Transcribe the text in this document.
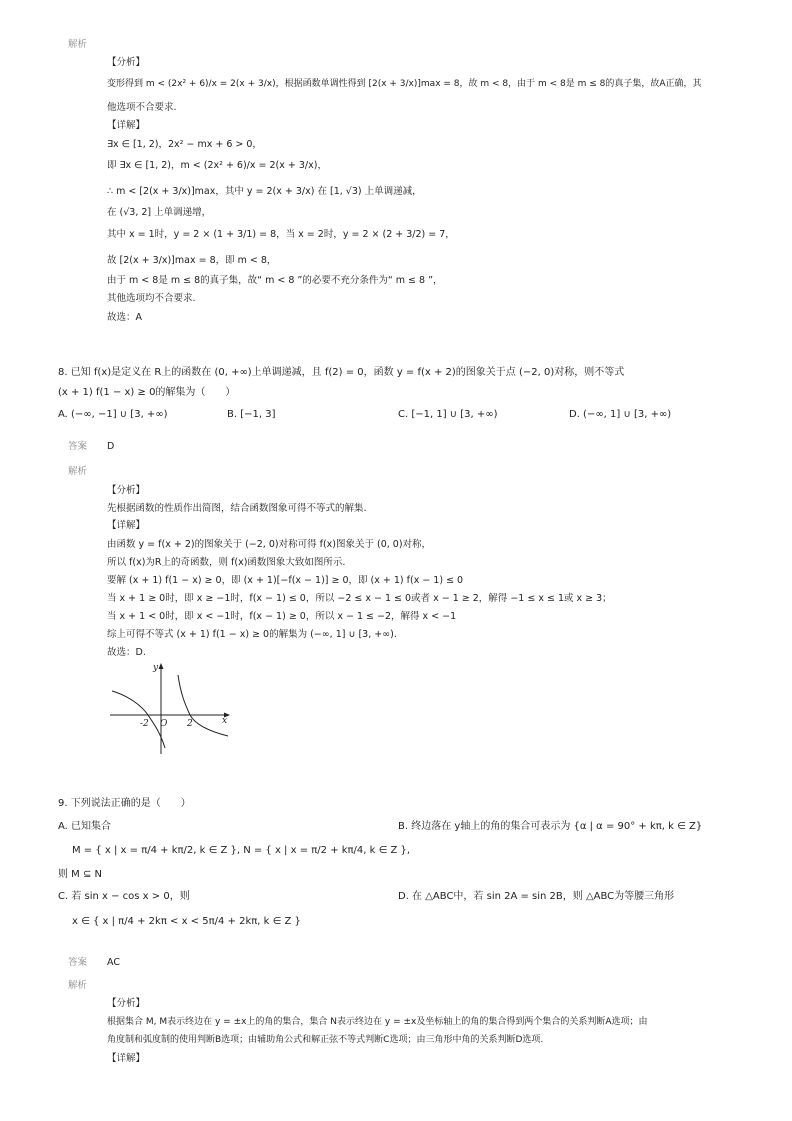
解析
【分析】
变形得到 m < (2x² + 6)/x = 2(x + 3/x)，根据函数单调性得到 [2(x + 3/x)]max = 8，故 m < 8，由于 m < 8是 m ≤ 8的真子集，故A正确，其
他选项不合要求.
【详解】
∃x ∈ [1, 2)，2x² − mx + 6 > 0，
即 ∃x ∈ [1, 2)，m < (2x² + 6)/x = 2(x + 3/x)，
∴ m < [2(x + 3/x)]max，其中 y = 2(x + 3/x) 在 [1, √3) 上单调递减，
在 (√3, 2] 上单调递增，
其中 x = 1时，y = 2 × (1 + 3/1) = 8，当 x = 2时，y = 2 × (2 + 3/2) = 7，
故 [2(x + 3/x)]max = 8，即 m < 8，
由于 m < 8是 m ≤ 8的真子集，故“ m < 8 ”的必要不充分条件为“ m ≤ 8 ”，
其他选项均不合要求.
故选：A
8. 已知 f(x)是定义在 R上的函数在 (0, +∞)上单调递减，且 f(2) = 0，函数 y = f(x + 2)的图象关于点 (−2, 0)对称，则不等式
(x + 1) f(1 − x) ≥ 0的解集为（　　）
A. (−∞, −1] ∪ [3, +∞)	B. [−1, 3]	C. [−1, 1] ∪ [3, +∞)	D. (−∞, 1] ∪ [3, +∞)
答案 D
解析
【分析】
先根据函数的性质作出简图，结合函数图象可得不等式的解集.
【详解】
由函数 y = f(x + 2)的图象关于 (−2, 0)对称可得 f(x)图象关于 (0, 0)对称，
所以 f(x)为R上的奇函数，则 f(x)函数图象大致如图所示.
要解 (x + 1) f(1 − x) ≥ 0，即 (x + 1)[−f(x − 1)] ≥ 0，即 (x + 1) f(x − 1) ≤ 0
当 x + 1 ≥ 0时，即 x ≥ −1时，f(x − 1) ≤ 0，所以 −2 ≤ x − 1 ≤ 0或者 x − 1 ≥ 2，解得 −1 ≤ x ≤ 1或 x ≥ 3；
当 x + 1 < 0时，即 x < −1时，f(x − 1) ≥ 0，所以 x − 1 ≤ −2，解得 x < −1
综上可得不等式 (x + 1) f(1 − x) ≥ 0的解集为 (−∞, 1] ∪ [3, +∞).
故选：D.
y
x
O
-2	2
9. 下列说法正确的是（　　）
A. 已知集合
M = { x | x = π/4 + kπ/2, k ∈ Z }, N = { x | x = π/2 + kπ/4, k ∈ Z },
则 M ⊆ N
B. 终边落在 y轴上的角的集合可表示为 {α | α = 90° + kπ, k ∈ Z}
C. 若 sin x − cos x > 0，则
x ∈ { x | π/4 + 2kπ < x < 5π/4 + 2kπ, k ∈ Z }
D. 在 △ABC中，若 sin 2A = sin 2B，则 △ABC为等腰三角形
答案 AC
解析
【分析】
根据集合 M, M表示终边在 y = ±x上的角的集合，集合 N表示终边在 y = ±x及坐标轴上的角的集合得到两个集合的关系判断A选项；由
角度制和弧度制的使用判断B选项；由辅助角公式和解正弦不等式判断C选项；由三角形中角的关系判断D选项.
【详解】
